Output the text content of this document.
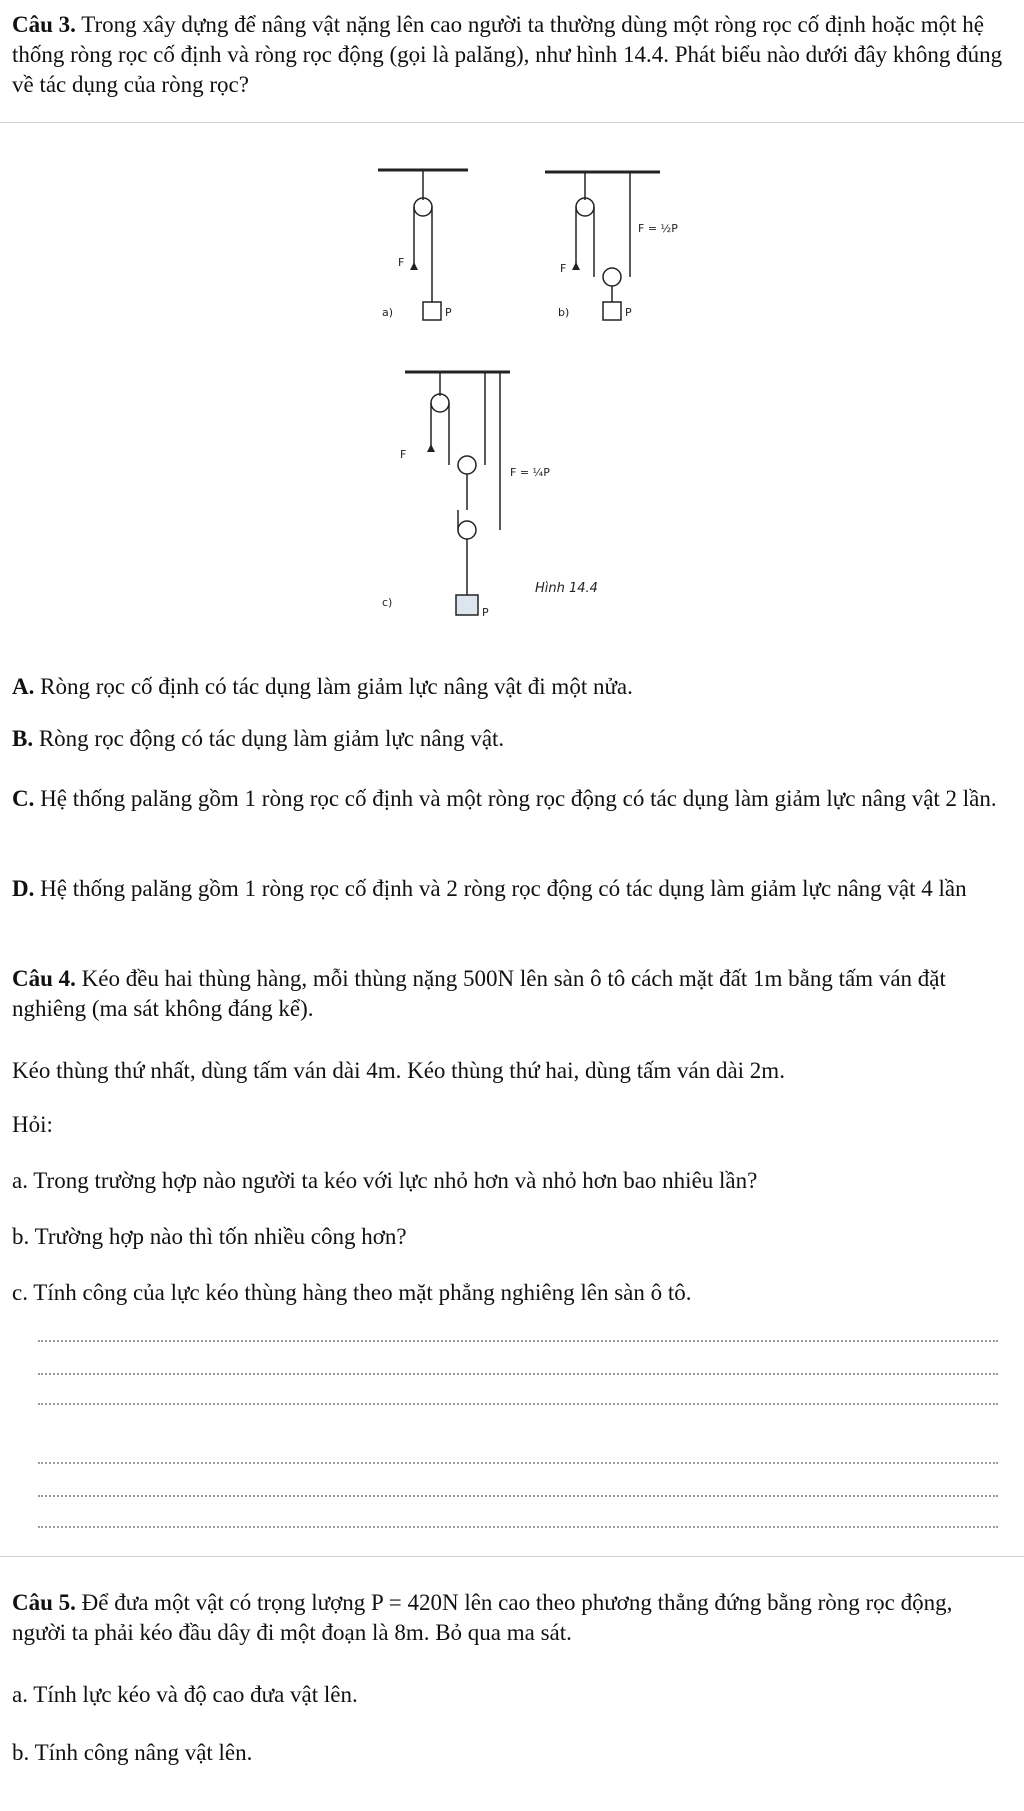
Câu 3. Trong xây dựng để nâng vật nặng lên cao người ta thường dùng một ròng rọc cố định hoặc một hệ thống ròng rọc cố định và ròng rọc động (gọi là palăng), như hình 14.4. Phát biểu nào dưới đây không đúng về tác dụng của ròng rọc?
F
a)	P
F
F = ½P
b)	P
F
F = ¼P
c)
P
Hình 14.4
A. Ròng rọc cố định có tác dụng làm giảm lực nâng vật đi một nửa.
B. Ròng rọc động có tác dụng làm giảm lực nâng vật.
C. Hệ thống palăng gồm 1 ròng rọc cố định và một ròng rọc động có tác dụng làm giảm lực nâng vật 2 lần.
D. Hệ thống palăng gồm 1 ròng rọc cố định và 2 ròng rọc động có tác dụng làm giảm lực nâng vật 4 lần
Câu 4. Kéo đều hai thùng hàng, mỗi thùng nặng 500N lên sàn ô tô cách mặt đất 1m bằng tấm ván đặt nghiêng (ma sát không đáng kể).
Kéo thùng thứ nhất, dùng tấm ván dài 4m. Kéo thùng thứ hai, dùng tấm ván dài 2m.
Hỏi:
a. Trong trường hợp nào người ta kéo với lực nhỏ hơn và nhỏ hơn bao nhiêu lần?
b. Trường hợp nào thì tốn nhiều công hơn?
c. Tính công của lực kéo thùng hàng theo mặt phẳng nghiêng lên sàn ô tô.
Câu 5. Để đưa một vật có trọng lượng P = 420N lên cao theo phương thẳng đứng bằng ròng rọc động, người ta phải kéo đầu dây đi một đoạn là 8m. Bỏ qua ma sát.
a. Tính lực kéo và độ cao đưa vật lên.
b. Tính công nâng vật lên.
